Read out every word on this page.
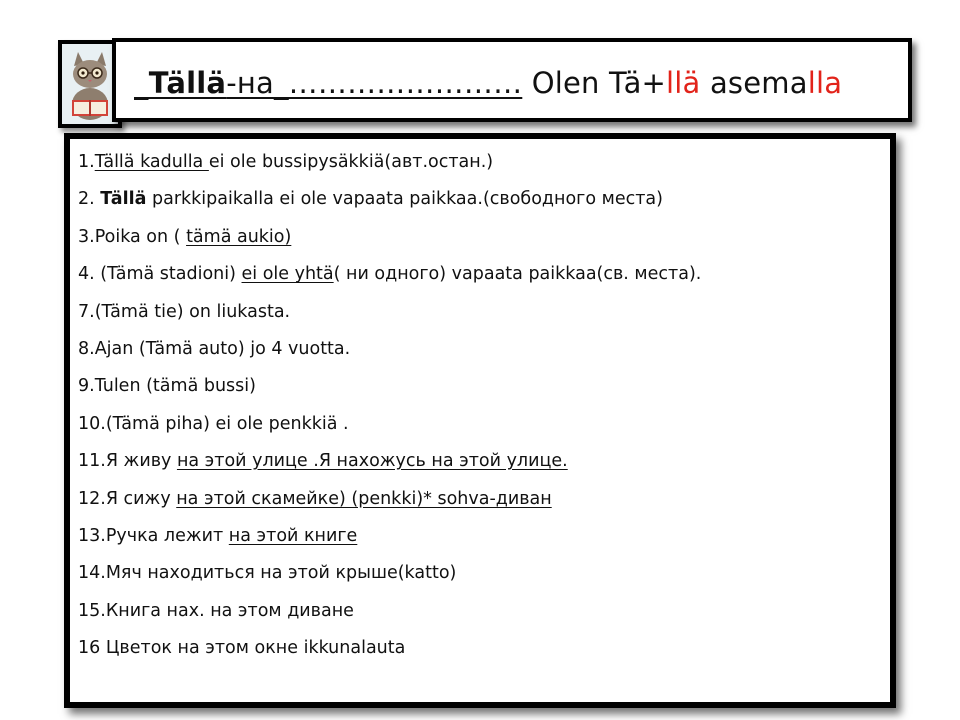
_Tällä-на_…………………… Olen Tä+llä asemalla
1.Tällä kadulla ei ole bussipysäkkiä(авт.остан.)
2. Tällä parkkipaikalla ei ole vapaata paikkaa.(свободного места)
3.Poika on ( tämä aukio)
4. (Tämä stadioni) ei ole yhtä( ни одного) vapaata paikkaa(св. места).
7.(Tämä tie) on liukasta.
8.Ajan (Tämä auto) jo 4 vuotta.
9.Tulen (tämä bussi)
10.(Tämä piha) ei ole penkkiä .
11.Я живу на этой улице .Я нахожусь на этой улице.
12.Я сижу на этой скамейке) (penkki)* sohva-диван
13.Ручка лежит на этой книге
14.Мяч находиться на этой крыше(katto)
15.Книга нах. на этом диване
16 Цветок на этом окне ikkunalauta
